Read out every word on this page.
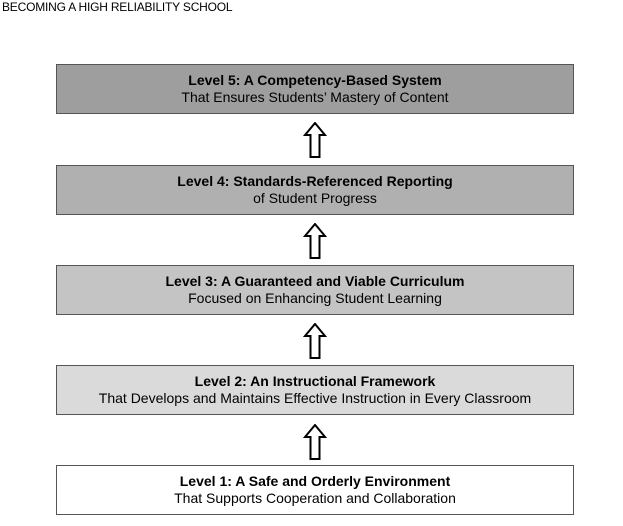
BECOMING A HIGH RELIABILITY SCHOOL
Level 5: A Competency-Based System
That Ensures Students’ Mastery of Content
Level 4: Standards-Referenced Reporting
of Student Progress
Level 3: A Guaranteed and Viable Curriculum
Focused on Enhancing Student Learning
Level 2: An Instructional Framework
That Develops and Maintains Effective Instruction in Every Classroom
Level 1: A Safe and Orderly Environment
That Supports Cooperation and Collaboration
